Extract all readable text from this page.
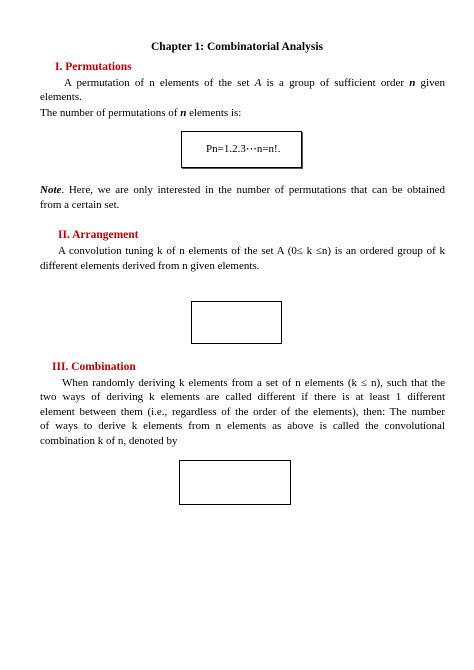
Chapter 1: Combinatorial Analysis
I. Permutations
A permutation of n elements of the set A is a group of sufficient order n given
elements.
The number of permutations of n elements is:
Pn=1.2.3⋯n=n!.
Note. Here, we are only interested in the number of permutations that can be obtained
from a certain set.
II. Arrangement
A convolution tuning k of n elements of the set A (0≤ k ≤n) is an ordered group of k
different elements derived from n given elements.
III. Combination
When randomly deriving k elements from a set of n elements (k ≤ n), such that the
two ways of deriving k elements are called different if there is at least 1 different
element between them (i.e., regardless of the order of the elements), then: The number
of ways to derive k elements from n elements as above is called the convolutional
combination k of n, denoted by
